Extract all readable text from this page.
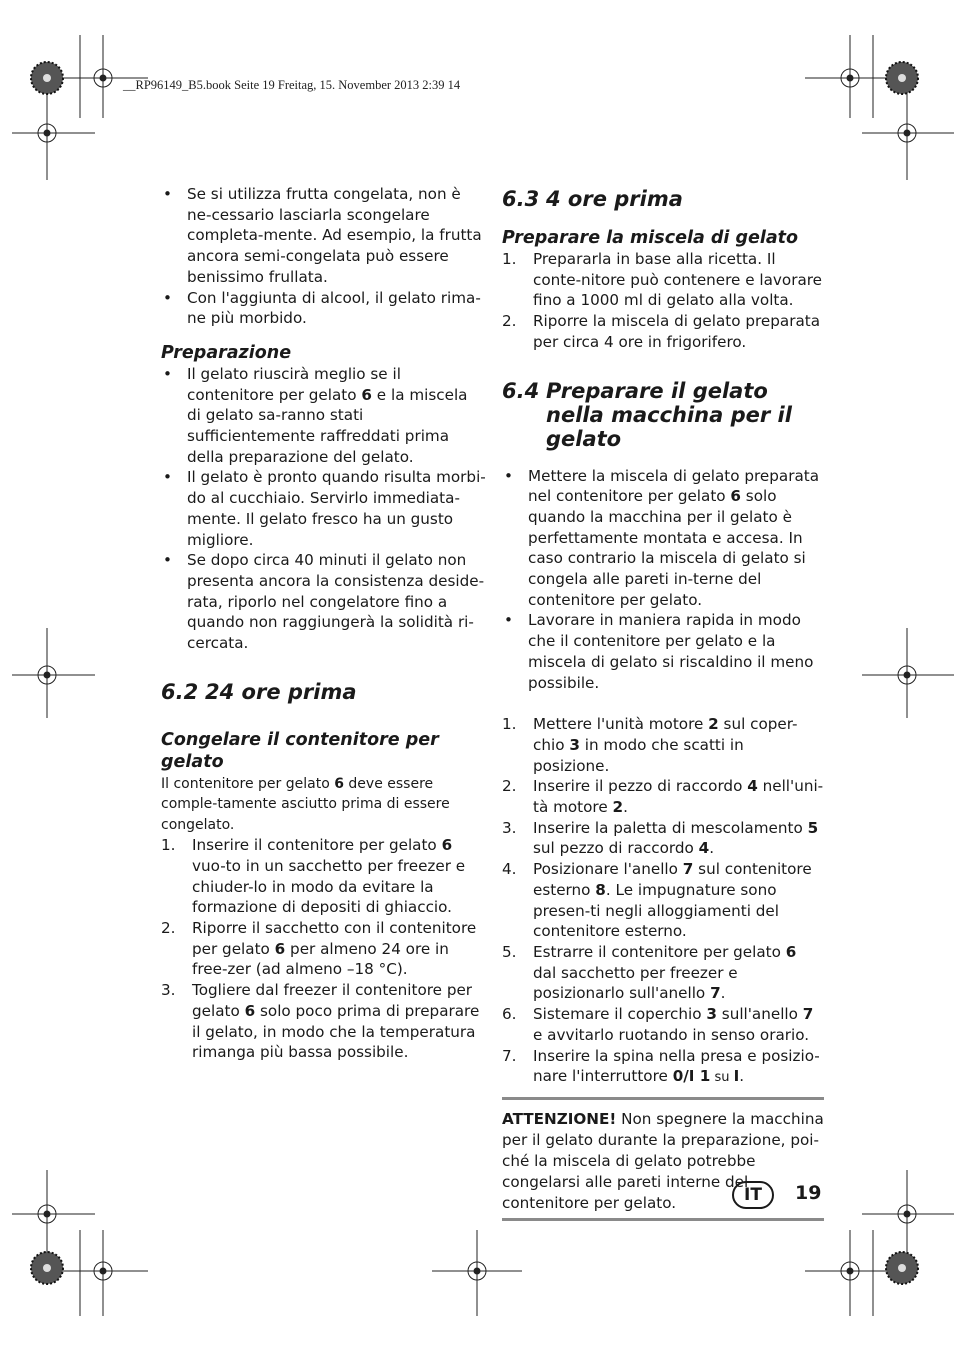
__RP96149_B5.book Seite 19 Freitag, 15. November 2013 2:39 14
• Se si utilizza frutta congelata, non è ne-cessario lasciarla scongelare completa-mente. Ad esempio, la frutta ancora semi-congelata può essere benissimo frullata.
• Con l'aggiunta di alcool, il gelato rima-ne più morbido.

Preparazione

• Il gelato riuscirà meglio se il contenitore per gelato 6 e la miscela di gelato sa-ranno stati sufficientemente raffreddati prima della preparazione del gelato.
• Il gelato è pronto quando risulta morbi-do al cucchiaio. Servirlo immediata-mente. Il gelato fresco ha un gusto migliore.
• Se dopo circa 40 minuti il gelato non presenta ancora la consistenza deside-rata, riporlo nel congelatore fino a quando non raggiungerà la solidità ri-cercata.
6.2 24 ore prima

Congelare il contenitore per gelato

Il contenitore per gelato 6 deve essere comple-tamente asciutto prima di essere congelato.

1. Inserire il contenitore per gelato 6 vuo-to in un sacchetto per freezer e chiuder-lo in modo da evitare la formazione di depositi di ghiaccio.
2. Riporre il sacchetto con il contenitore per gelato 6 per almeno 24 ore in free-zer (ad almeno –18 °C).
3. Togliere dal freezer il contenitore per gelato 6 solo poco prima di preparare il gelato, in modo che la temperatura rimanga più bassa possibile.
6.3 4 ore prima

Preparare la miscela di gelato

1. Prepararla in base alla ricetta. Il conte-nitore può contenere e lavorare fino a 1000 ml di gelato alla volta.
2. Riporre la miscela di gelato preparata per circa 4 ore in frigorifero.
6.4 Preparare il gelato nella macchina per il gelato
• Mettere la miscela di gelato preparata nel contenitore per gelato 6 solo quando la macchina per il gelato è perfettamente montata e accesa. In caso contrario la miscela di gelato si congela alle pareti in-terne del contenitore per gelato.
• Lavorare in maniera rapida in modo che il contenitore per gelato e la miscela di gelato si riscaldino il meno possibile.
1. Mettere l'unità motore 2 sul coper-chio 3 in modo che scatti in posizione.
2. Inserire il pezzo di raccordo 4 nell'uni-tà motore 2.
3. Inserire la paletta di mescolamento 5 sul pezzo di raccordo 4.
4. Posizionare l'anello 7 sul contenitore esterno 8. Le impugnature sono presen-ti negli alloggiamenti del contenitore esterno.
5. Estrarre il contenitore per gelato 6 dal sacchetto per freezer e posizionarlo sull'anello 7.
6. Sistemare il coperchio 3 sull'anello 7 e avvitarlo ruotando in senso orario.
7. Inserire la spina nella presa e posizio-nare l'interruttore 0/I 1 su I.
ATTENZIONE! Non spegnere la macchina per il gelato durante la preparazione, poi-ché la miscela di gelato potrebbe congelarsi alle pareti interne del contenitore per gelato.	IT	19
